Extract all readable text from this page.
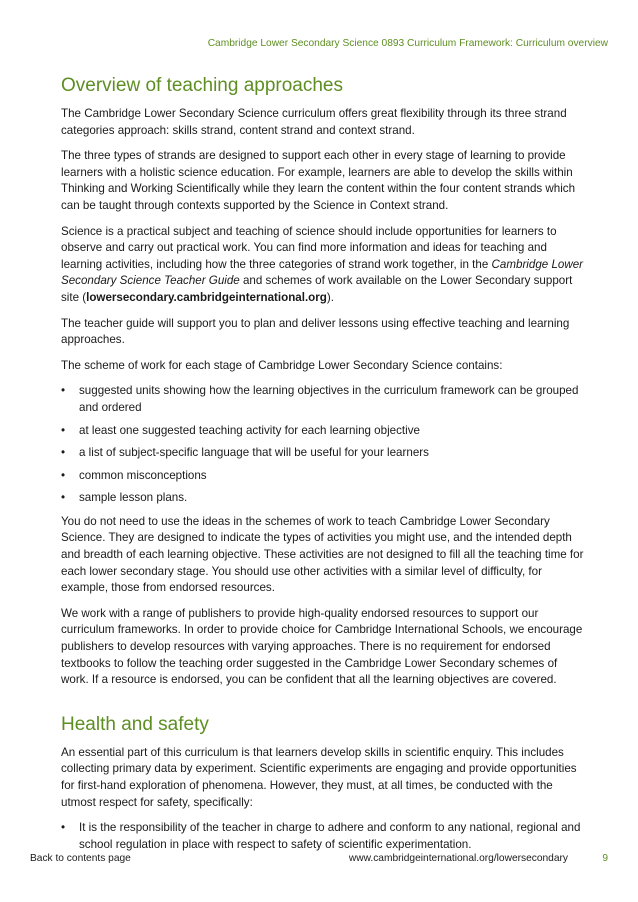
Cambridge Lower Secondary Science 0893 Curriculum Framework: Curriculum overview
Overview of teaching approaches

The Cambridge Lower Secondary Science curriculum offers great flexibility through its three strand categories approach: skills strand, content strand and context strand.

The three types of strands are designed to support each other in every stage of learning to provide learners with a holistic science education. For example, learners are able to develop the skills within Thinking and Working Scientifically while they learn the content within the four content strands which can be taught through contexts supported by the Science in Context strand.

Science is a practical subject and teaching of science should include opportunities for learners to observe and carry out practical work. You can find more information and ideas for teaching and learning activities, including how the three categories of strand work together, in the Cambridge Lower Secondary Science Teacher Guide and schemes of work available on the Lower Secondary support site (lowersecondary.cambridgeinternational.org).

The teacher guide will support you to plan and deliver lessons using effective teaching and learning approaches.

The scheme of work for each stage of Cambridge Lower Secondary Science contains:

• suggested units showing how the learning objectives in the curriculum framework can be grouped and ordered
• at least one suggested teaching activity for each learning objective
• a list of subject-specific language that will be useful for your learners
• common misconceptions
• sample lesson plans.

You do not need to use the ideas in the schemes of work to teach Cambridge Lower Secondary Science. They are designed to indicate the types of activities you might use, and the intended depth and breadth of each learning objective. These activities are not designed to fill all the teaching time for each lower secondary stage. You should use other activities with a similar level of difficulty, for example, those from endorsed resources.

We work with a range of publishers to provide high-quality endorsed resources to support our curriculum frameworks. In order to provide choice for Cambridge International Schools, we encourage publishers to develop resources with varying approaches. There is no requirement for endorsed textbooks to follow the teaching order suggested in the Cambridge Lower Secondary schemes of work. If a resource is endorsed, you can be confident that all the learning objectives are covered.

Health and safety

An essential part of this curriculum is that learners develop skills in scientific enquiry. This includes collecting primary data by experiment. Scientific experiments are engaging and provide opportunities for first-hand exploration of phenomena. However, they must, at all times, be conducted with the utmost respect for safety, specifically:

• It is the responsibility of the teacher in charge to adhere and conform to any national, regional and school regulation in place with respect to safety of scientific experimentation.
Back to contents page	www.cambridgeinternational.org/lowersecondary	9
